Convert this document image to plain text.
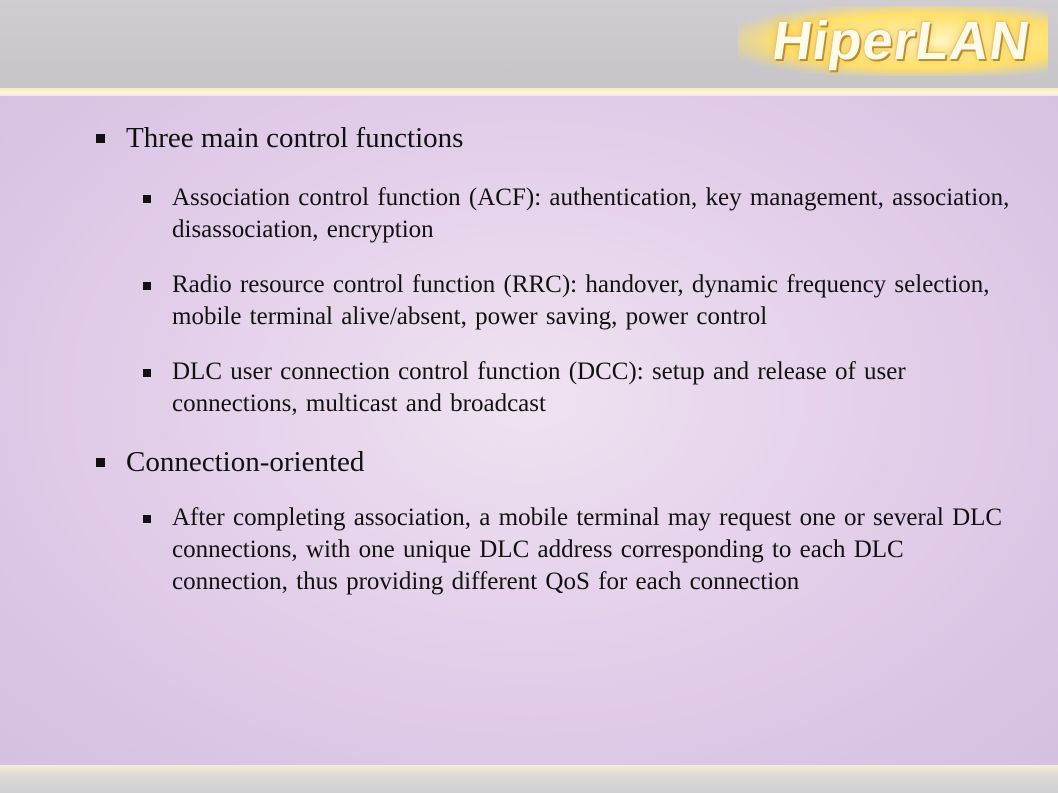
HiperLAN
Three main control functions
Association control function (ACF): authentication, key management, association, disassociation, encryption
Radio resource control function (RRC): handover, dynamic frequency selection, mobile terminal alive/absent, power saving, power control
DLC user connection control function (DCC): setup and release of user connections, multicast and broadcast
Connection-oriented
After completing association, a mobile terminal may request one or several DLC connections, with one unique DLC address corresponding to each DLC connection, thus providing different QoS for each connection
